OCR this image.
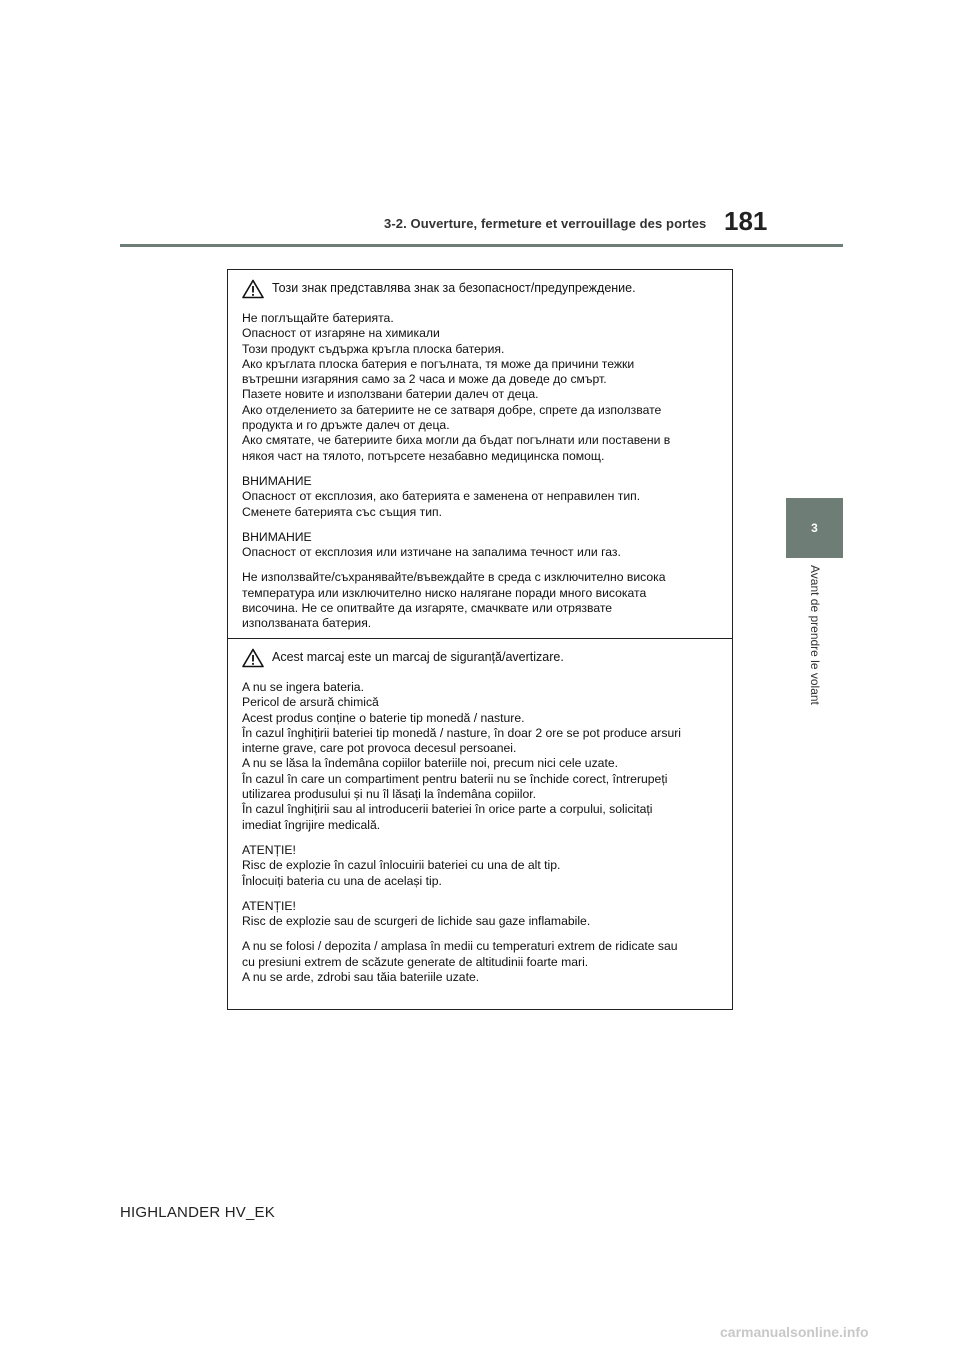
3-2. Ouverture, fermeture et verrouillage des portes 181
3
Avant de prendre le volant
Този знак представлява знак за безопасност/предупреждение.

Не поглъщайте батерията.

Опасност от изгаряне на химикали

Този продукт съдържа кръгла плоска батерия.

Ако кръглата плоска батерия е погълната, тя може да причини тежки

вътрешни изгаряния само за 2 часа и може да доведе до смърт.

Пазете новите и използвани батерии далеч от деца.

Ако отделението за батериите не се затваря добре, спрете да използвате

продукта и го дръжте далеч от деца.

Ако смятате, че батериите биха могли да бъдат погълнати или поставени в

някоя част на тялото, потърсете незабавно медицинска помощ.

ВНИМАНИЕ

Опасност от експлозия, ако батерията е заменена от неправилен тип.

Сменете батерията със същия тип.

ВНИМАНИЕ

Опасност от експлозия или изтичане на запалима течност или газ.

Не използвайте/съхранявайте/въвеждайте в среда с изключително висока

температура или изключително ниско налягане поради много високата

височина. Не се опитвайте да изгаряте, смачквате или отрязвате

използваната батерия.

Acest marcaj este un marcaj de siguranță/avertizare.

A nu se ingera bateria.

Pericol de arsură chimică

Acest produs conține o baterie tip monedă / nasture.

În cazul înghițirii bateriei tip monedă / nasture, în doar 2 ore se pot produce arsuri

interne grave, care pot provoca decesul persoanei.

A nu se lăsa la îndemâna copiilor bateriile noi, precum nici cele uzate.

În cazul în care un compartiment pentru baterii nu se închide corect, întrerupeți

utilizarea produsului și nu îl lăsați la îndemâna copiilor.

În cazul înghițirii sau al introducerii bateriei în orice parte a corpului, solicitați

imediat îngrijire medicală.

ATENȚIE!

Risc de explozie în cazul înlocuirii bateriei cu una de alt tip.

Înlocuiți bateria cu una de același tip.

ATENȚIE!

Risc de explozie sau de scurgeri de lichide sau gaze inflamabile.

A nu se folosi / depozita / amplasa în medii cu temperaturi extrem de ridicate sau

cu presiuni extrem de scăzute generate de altitudinii foarte mari.

A nu se arde, zdrobi sau tăia bateriile uzate.

HIGHLANDER HV_EK
carmanualsonline.info
